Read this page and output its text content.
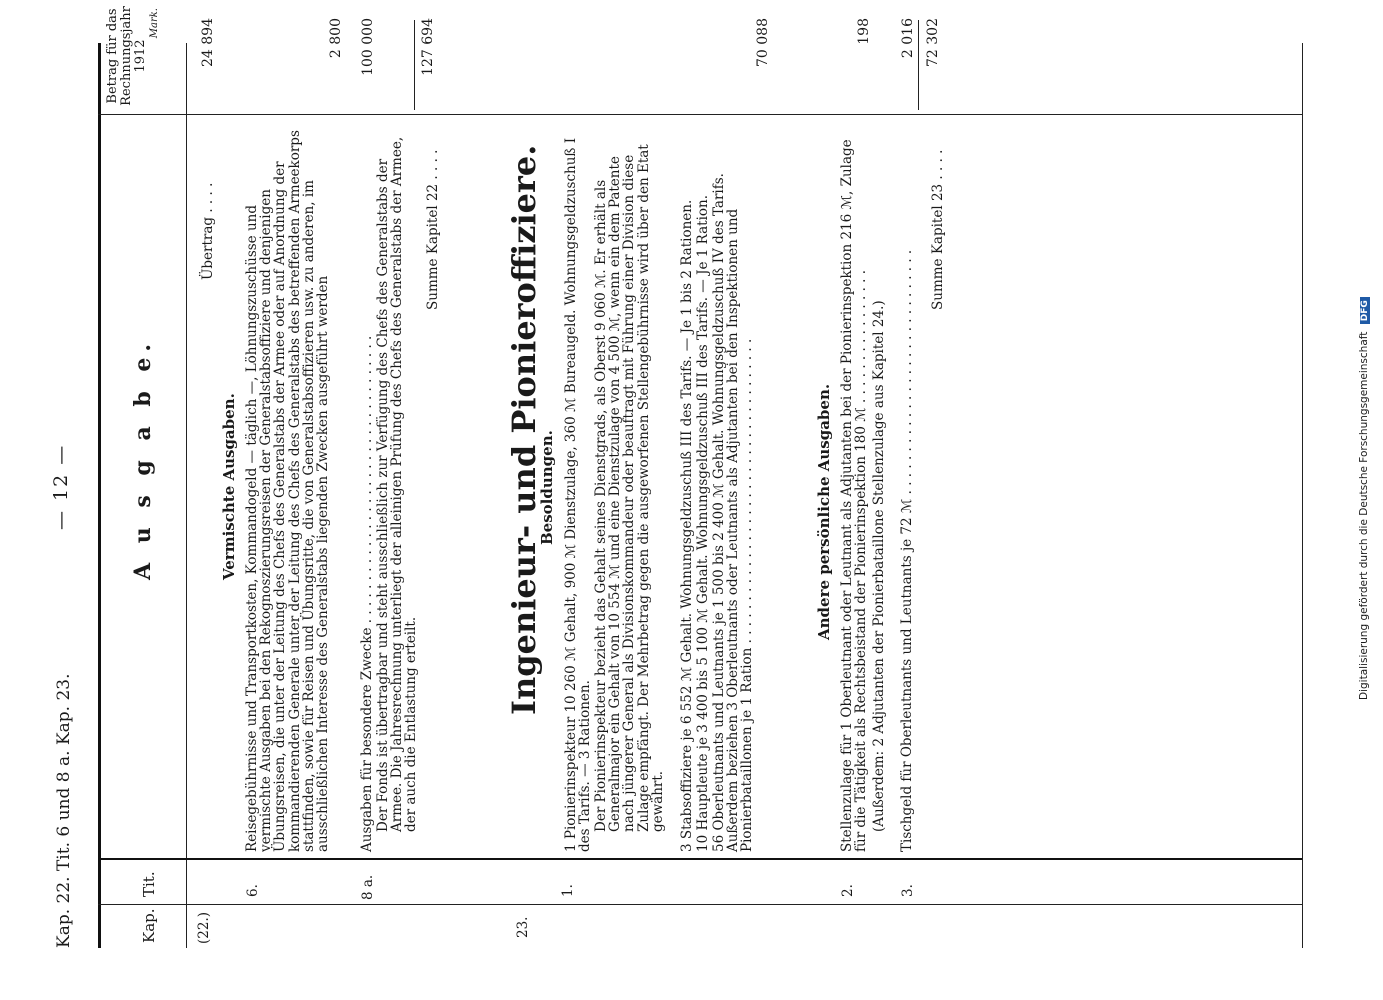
Kap. 22. Tit. 6 und 8 a. Kap. 23.
— 12 —
Kap.
Tit.
A u s g a b e.
Betrag für das Rechnungsjahr 1912
Mark.
(22.)
Vermischte Ausgaben.
Übertrag . . . .
24 894
6.
Reisegebührnisse und Transportkosten, Kommandogeld — täglich —, Löhnungszuschüsse und vermischte Ausgaben bei den Rekognoszierungsreisen der Generalstabsoffiziere und denjenigen Übungsreisen, die unter der Leitung des Chefs des Generalstabs der Armee oder auf Anordnung der kommandierenden Generale unter der Leitung des Chefs des Generalstabs des betreffenden Armeekorps stattfinden, sowie für Reisen und Übungsritte, die von Generalstabsoffizieren usw. zu anderen, im ausschließlichen Interesse des Generalstabs liegenden Zwecken ausgeführt werden
2 800
8 a.
Ausgaben für besondere Zwecke . . . . . . . . . . . . . . . . . . . . . . . . . . . . . . . . . .
100 000
Der Fonds ist übertragbar und steht ausschließlich zur Verfügung des Chefs des Generalstabs der Armee. Die Jahresrechnung unterliegt der alleinigen Prüfung des Chefs des Generalstabs der Armee, der auch die Entlastung erteilt.
Summe Kapitel 22 . . . .
127 694
23.
Ingenieur- und Pionieroffiziere.
Besoldungen.
1.
1 Pionierinspekteur 10 260 ℳ Gehalt, 900 ℳ Dienstzulage, 360 ℳ Bureaugeld. Wohnungsgeldzuschuß I des Tarifs. — 3 Rationen. Der Pionierinspekteur bezieht das Gehalt seines Dienstgrads, als Oberst 9 060 ℳ. Er erhält als Generalmajor ein Gehalt von 10 554 ℳ und eine Dienstzulage von 4 500 ℳ, wenn ein dem Patente nach jüngerer General als Divisionskommandeur oder beauftragt mit Führung einer Division diese Zulage empfängt. Der Mehrbetrag gegen die ausgeworfenen Stellengebührnisse wird über den Etat gewährt. 3 Stabsoffiziere je 6 552 ℳ Gehalt. Wohnungsgeldzuschuß III des Tarifs. — Je 1 bis 2 Rationen. 10 Hauptleute je 3 400 bis 5 100 ℳ Gehalt. Wohnungsgeldzuschuß III des Tarifs. — Je 1 Ration. 56 Oberleutnants und Leutnants je 1 500 bis 2 400 ℳ Gehalt. Wohnungsgeldzuschuß IV des Tarifs. Außerdem beziehen 3 Oberleutnants oder Leutnants als Adjutanten bei den Inspektionen und Pionierbataillonen je 1 Ration . . . . . . . . . . . . . . . . . . . . . . . . . . . . . . . . . . . .
70 088
Andere persönliche Ausgaben.
2.
Stellenzulage für 1 Oberleutnant oder Leutnant als Adjutanten bei der Pionierinspektion 216 ℳ, Zulage für die Tätigkeit als Rechtsbeistand der Pionierinspektion 180 ℳ . . . . . . . . . . . . . . . . (Außerdem: 2 Adjutanten der Pionierbataillone Stellenzulage aus Kapitel 24.)
198
3.
Tischgeld für Oberleutnants und Leutnants je 72 ℳ . . . . . . . . . . . . . . . . . . . . . . . . . . . . .
2 016
Summe Kapitel 23 . . . .
72 302
Digitalisierung gefördert durch die Deutsche Forschungsgemeinschaft DFG
